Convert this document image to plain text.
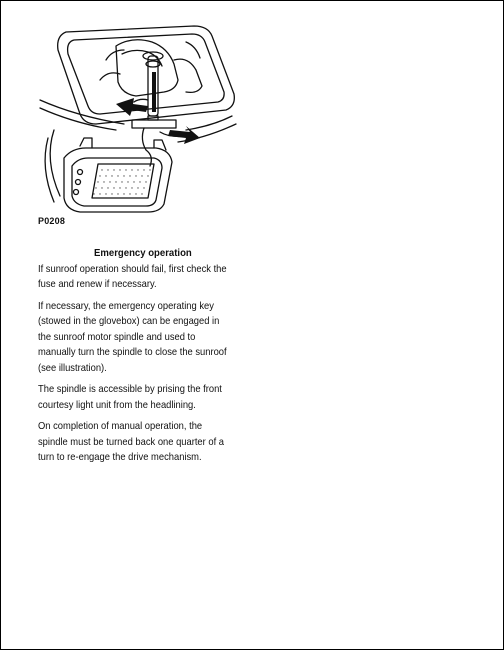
P0208
Emergency operation
If sunroof operation should fail, first check the
fuse and renew if necessary.
If necessary, the emergency operating key
(stowed in the glovebox) can be engaged in
the sunroof motor spindle and used to
manually turn the spindle to close the sunroof
(see illustration).
The spindle is accessible by prising the front
courtesy light unit from the headlining.
On completion of manual operation, the
spindle must be turned back one quarter of a
turn to re-engage the drive mechanism.
